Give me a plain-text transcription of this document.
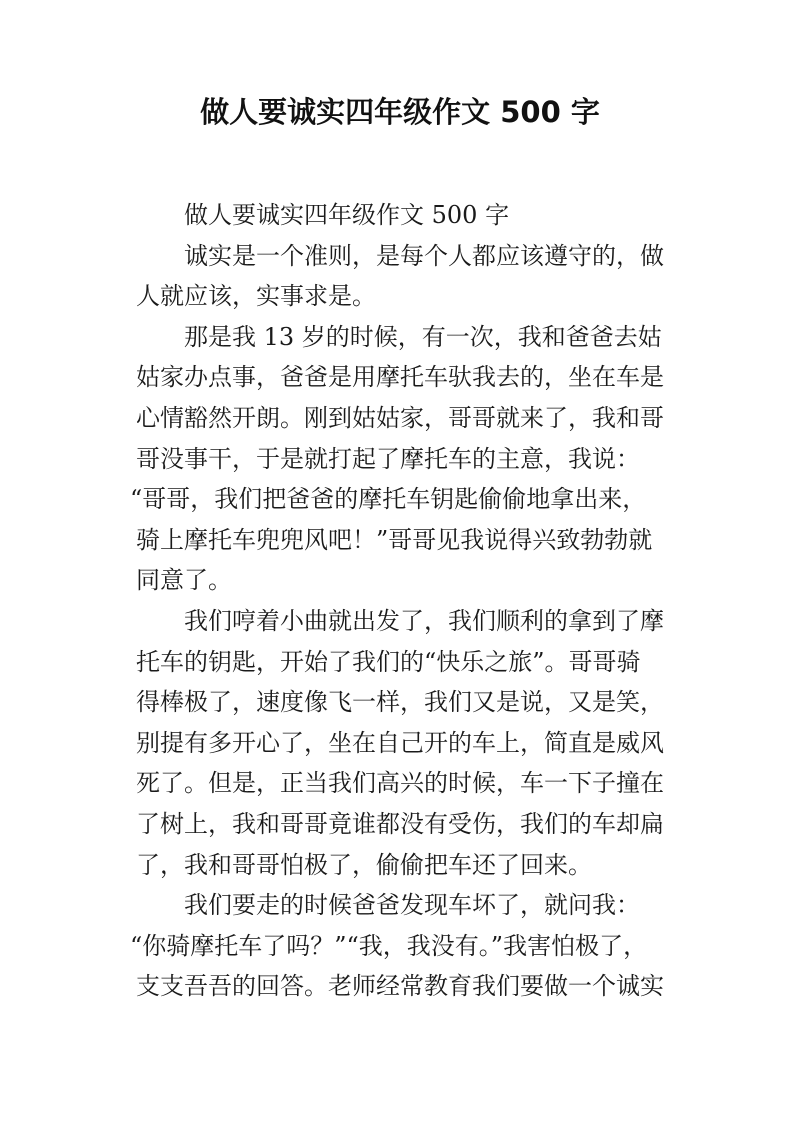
做人要诚实四年级作文 500 字
做人要诚实四年级作文 500 字
诚实是一个准则，是每个人都应该遵守的，做
人就应该，实事求是。
那是我 13 岁的时候，有一次，我和爸爸去姑
姑家办点事，爸爸是用摩托车驮我去的，坐在车是
心情豁然开朗。刚到姑姑家，哥哥就来了，我和哥
哥没事干，于是就打起了摩托车的主意，我说：
“哥哥，我们把爸爸的摩托车钥匙偷偷地拿出来，
骑上摩托车兜兜风吧！”哥哥见我说得兴致勃勃就
同意了。
我们哼着小曲就出发了，我们顺利的拿到了摩
托车的钥匙，开始了我们的“快乐之旅”。哥哥骑
得棒极了，速度像飞一样，我们又是说，又是笑，
别提有多开心了，坐在自己开的车上，简直是威风
死了。但是，正当我们高兴的时候，车一下子撞在
了树上，我和哥哥竟谁都没有受伤，我们的车却扁
了，我和哥哥怕极了，偷偷把车还了回来。
我们要走的时候爸爸发现车坏了，就问我：
“你骑摩托车了吗？”“我，我没有。”我害怕极了，
支支吾吾的回答。老师经常教育我们要做一个诚实
